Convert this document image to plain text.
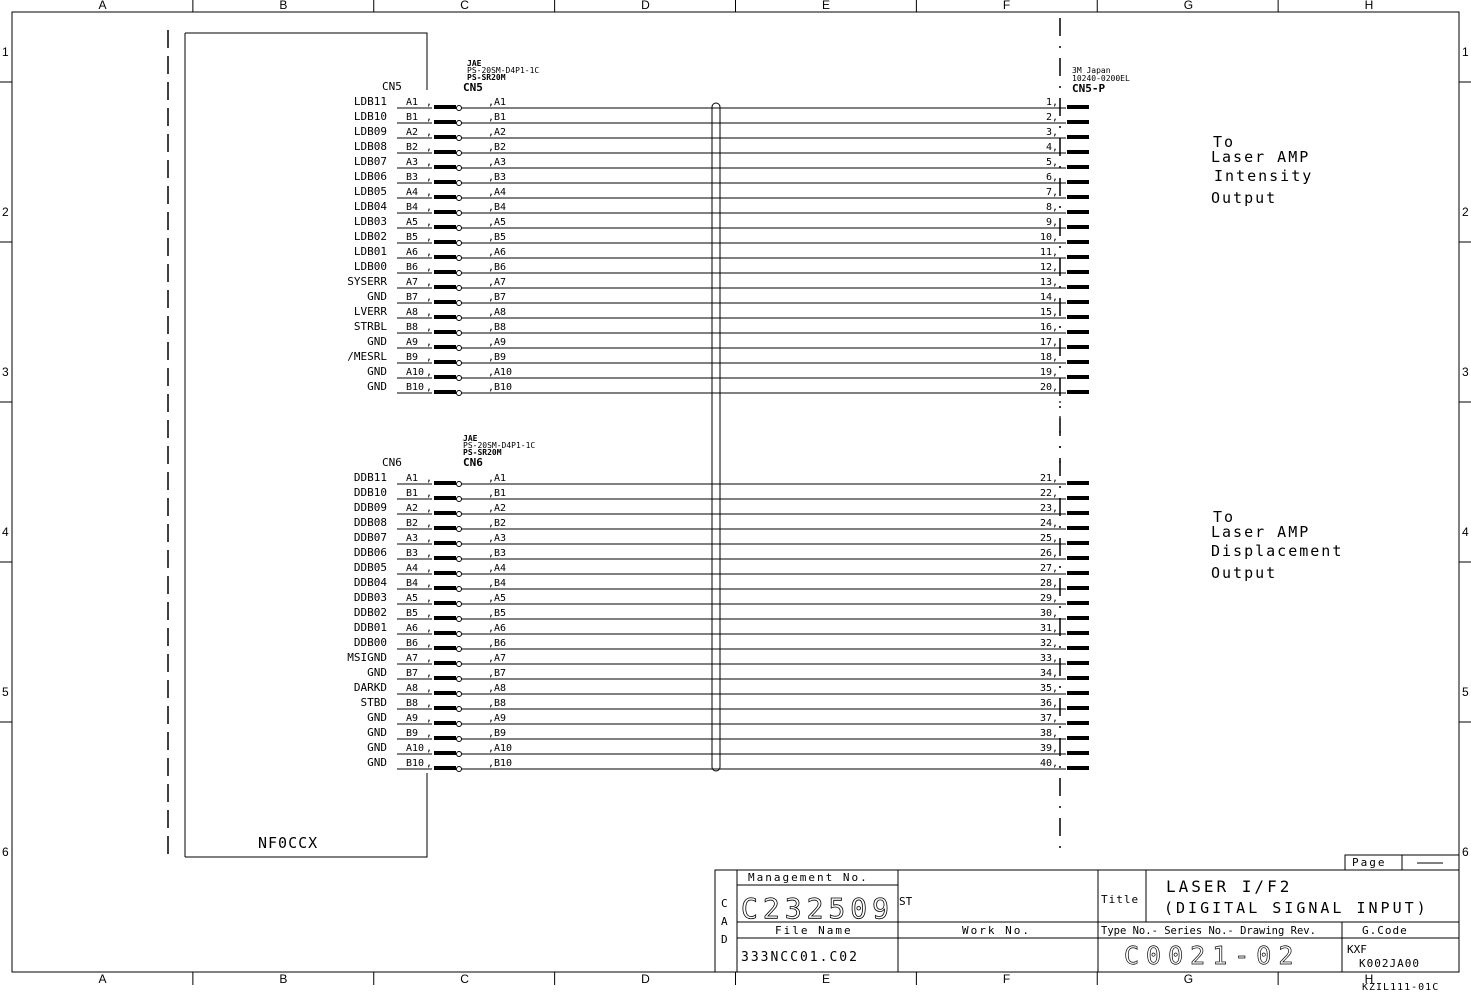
A
A
B
B
C
C
D
D
E
E
F
F
G
G
H
H
1	1
2	2
3	3
4	4
5	5
6	6
NF0CCX
CN5
JAE
PS-20SM-D4P1-1C
PS-SR20M
CN5
LDB11 A1 ,	,A1	1,
LDB10 B1 ,	,B1	2,
LDB09 A2 ,	,A2	3,
LDB08 B2 ,	,B2	4,
LDB07 A3 ,	,A3	5,
LDB06 B3 ,	,B3	6,
LDB05 A4 ,	,A4	7,
LDB04 B4 ,	,B4	8,
LDB03 A5 ,	,A5	9,
LDB02 B5 ,	,B5	10,
LDB01 A6 ,	,A6	11,
LDB00 B6 ,	,B6	12,
SYSERR A7 ,	,A7	13,
GND B7 ,	,B7	14,
LVERR A8 ,	,A8	15,
STRBL B8 ,	,B8	16,
GND A9 ,	,A9	17,
/MESRL B9 ,	,B9	18,
GND A10 ,	,A10	19,
GND B10 ,	,B10	20,
CN6
JAE
PS-20SM-D4P1-1C
PS-SR20M
CN6
DDB11 A1 ,	,A1	21,
DDB10 B1 ,	,B1	22,
DDB09 A2 ,	,A2	23,
DDB08 B2 ,	,B2	24,
DDB07 A3 ,	,A3	25,
DDB06 B3 ,	,B3	26,
DDB05 A4 ,	,A4	27,
DDB04 B4 ,	,B4	28,
DDB03 A5 ,	,A5	29,
DDB02 B5 ,	,B5	30,
DDB01 A6 ,	,A6	31,
DDB00 B6 ,	,B6	32,
MSIGND A7 ,	,A7	33,
GND B7 ,	,B7	34,
DARKD A8 ,	,A8	35,
STBD B8 ,	,B8	36,
GND A9 ,	,A9	37,
GND B9 ,	,B9	38,
GND A10 ,	,A10	39,
GND B10 ,	,B10	40,
3M Japan
10240-0200EL
CN5-P
To
Laser AMP
Intensity
Output
To
Laser AMP
Displacement
Output
Page
Management No.
C232509 ST
C
A
D
File Name
333NCC01.C02
Work No.
Title
LASER I/F2
(DIGITAL SIGNAL INPUT)
Type No.- Series No.- Drawing Rev.
C0021-02
G.Code
KXF
K002JA00
KZIL111-01C
